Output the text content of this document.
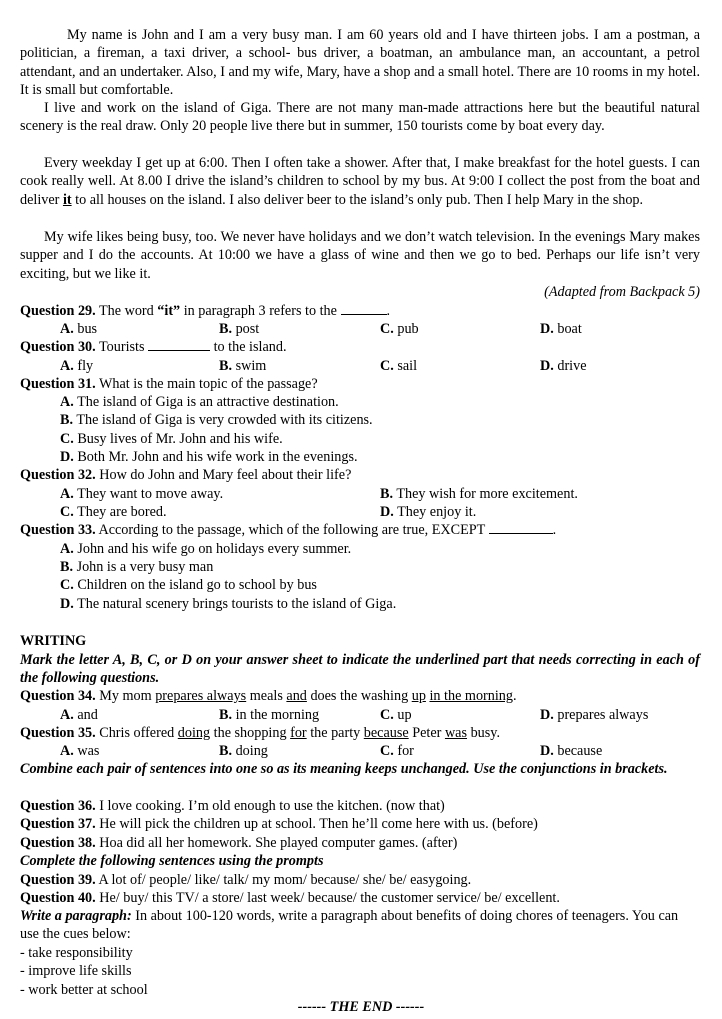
My name is John and I am a very busy man. I am 60 years old and I have thirteen jobs. I am a postman, a politician, a fireman, a taxi driver, a school- bus driver, a boatman, an ambulance man, an accountant, a petrol attendant, and an undertaker. Also, I and my wife, Mary, have a shop and a small hotel. There are 10 rooms in my hotel. It is small but comfortable.

I live and work on the island of Giga. There are not many man-made attractions here but the beautiful natural scenery is the real draw. Only 20 people live there but in summer, 150 tourists come by boat every day.

Every weekday I get up at 6:00. Then I often take a shower. After that, I make breakfast for the hotel guests. I can cook really well. At 8.00 I drive the island’s children to school by my bus. At 9:00 I collect the post from the boat and deliver it to all houses on the island. I also deliver beer to the island’s only pub. Then I help Mary in the shop.

My wife likes being busy, too. We never have holidays and we don’t watch television. In the evenings Mary makes supper and I do the accounts. At 10:00 we have a glass of wine and then we go to bed. Perhaps our life isn’t very exciting, but we like it.

(Adapted from Backpack 5)
Question 29. The word “it” in paragraph 3 refers to the	.
A. bus	B. post	C. pub	D. boat
Question 30. Tourists	to the island.
A. fly	B. swim	C. sail	D. drive
Question 31. What is the main topic of the passage?
A. The island of Giga is an attractive destination.
B. The island of Giga is very crowded with its citizens.
C. Busy lives of Mr. John and his wife.
D. Both Mr. John and his wife work in the evenings.
Question 32. How do John and Mary feel about their life?
A. They want to move away.	B. They wish for more excitement.
C. They are bored.	D. They enjoy it.
Question 33. According to the passage, which of the following are true, EXCEPT	.
A. John and his wife go on holidays every summer.
B. John is a very busy man
C. Children on the island go to school by bus
D. The natural scenery brings tourists to the island of Giga.
WRITING

Mark the letter A, B, C, or D on your answer sheet to indicate the underlined part that needs correcting in each of the following questions.

Question 34. My mom prepares always meals and does the washing up in the morning.
A. and	B. in the morning	C. up	D. prepares always
Question 35. Chris offered doing the shopping for the party because Peter was busy.
A. was	B. doing	C. for	D. because

Combine each pair of sentences into one so as its meaning keeps unchanged. Use the conjunctions in brackets.

Question 36. I love cooking. I’m old enough to use the kitchen. (now that)
Question 37. He will pick the children up at school. Then he’ll come here with us. (before)
Question 38. Hoa did all her homework. She played computer games. (after)
Complete the following sentences using the prompts
Question 39. A lot of/ people/ like/ talk/ my mom/ because/ she/ be/ easygoing.
Question 40. He/ buy/ this TV/ a store/ last week/ because/ the customer service/ be/ excellent.

Write a paragraph: In about 100-120 words, write a paragraph about benefits of doing chores of teenagers. You can use the cues below:

- take responsibility
- improve life skills
- work better at school
------ THE END ------
